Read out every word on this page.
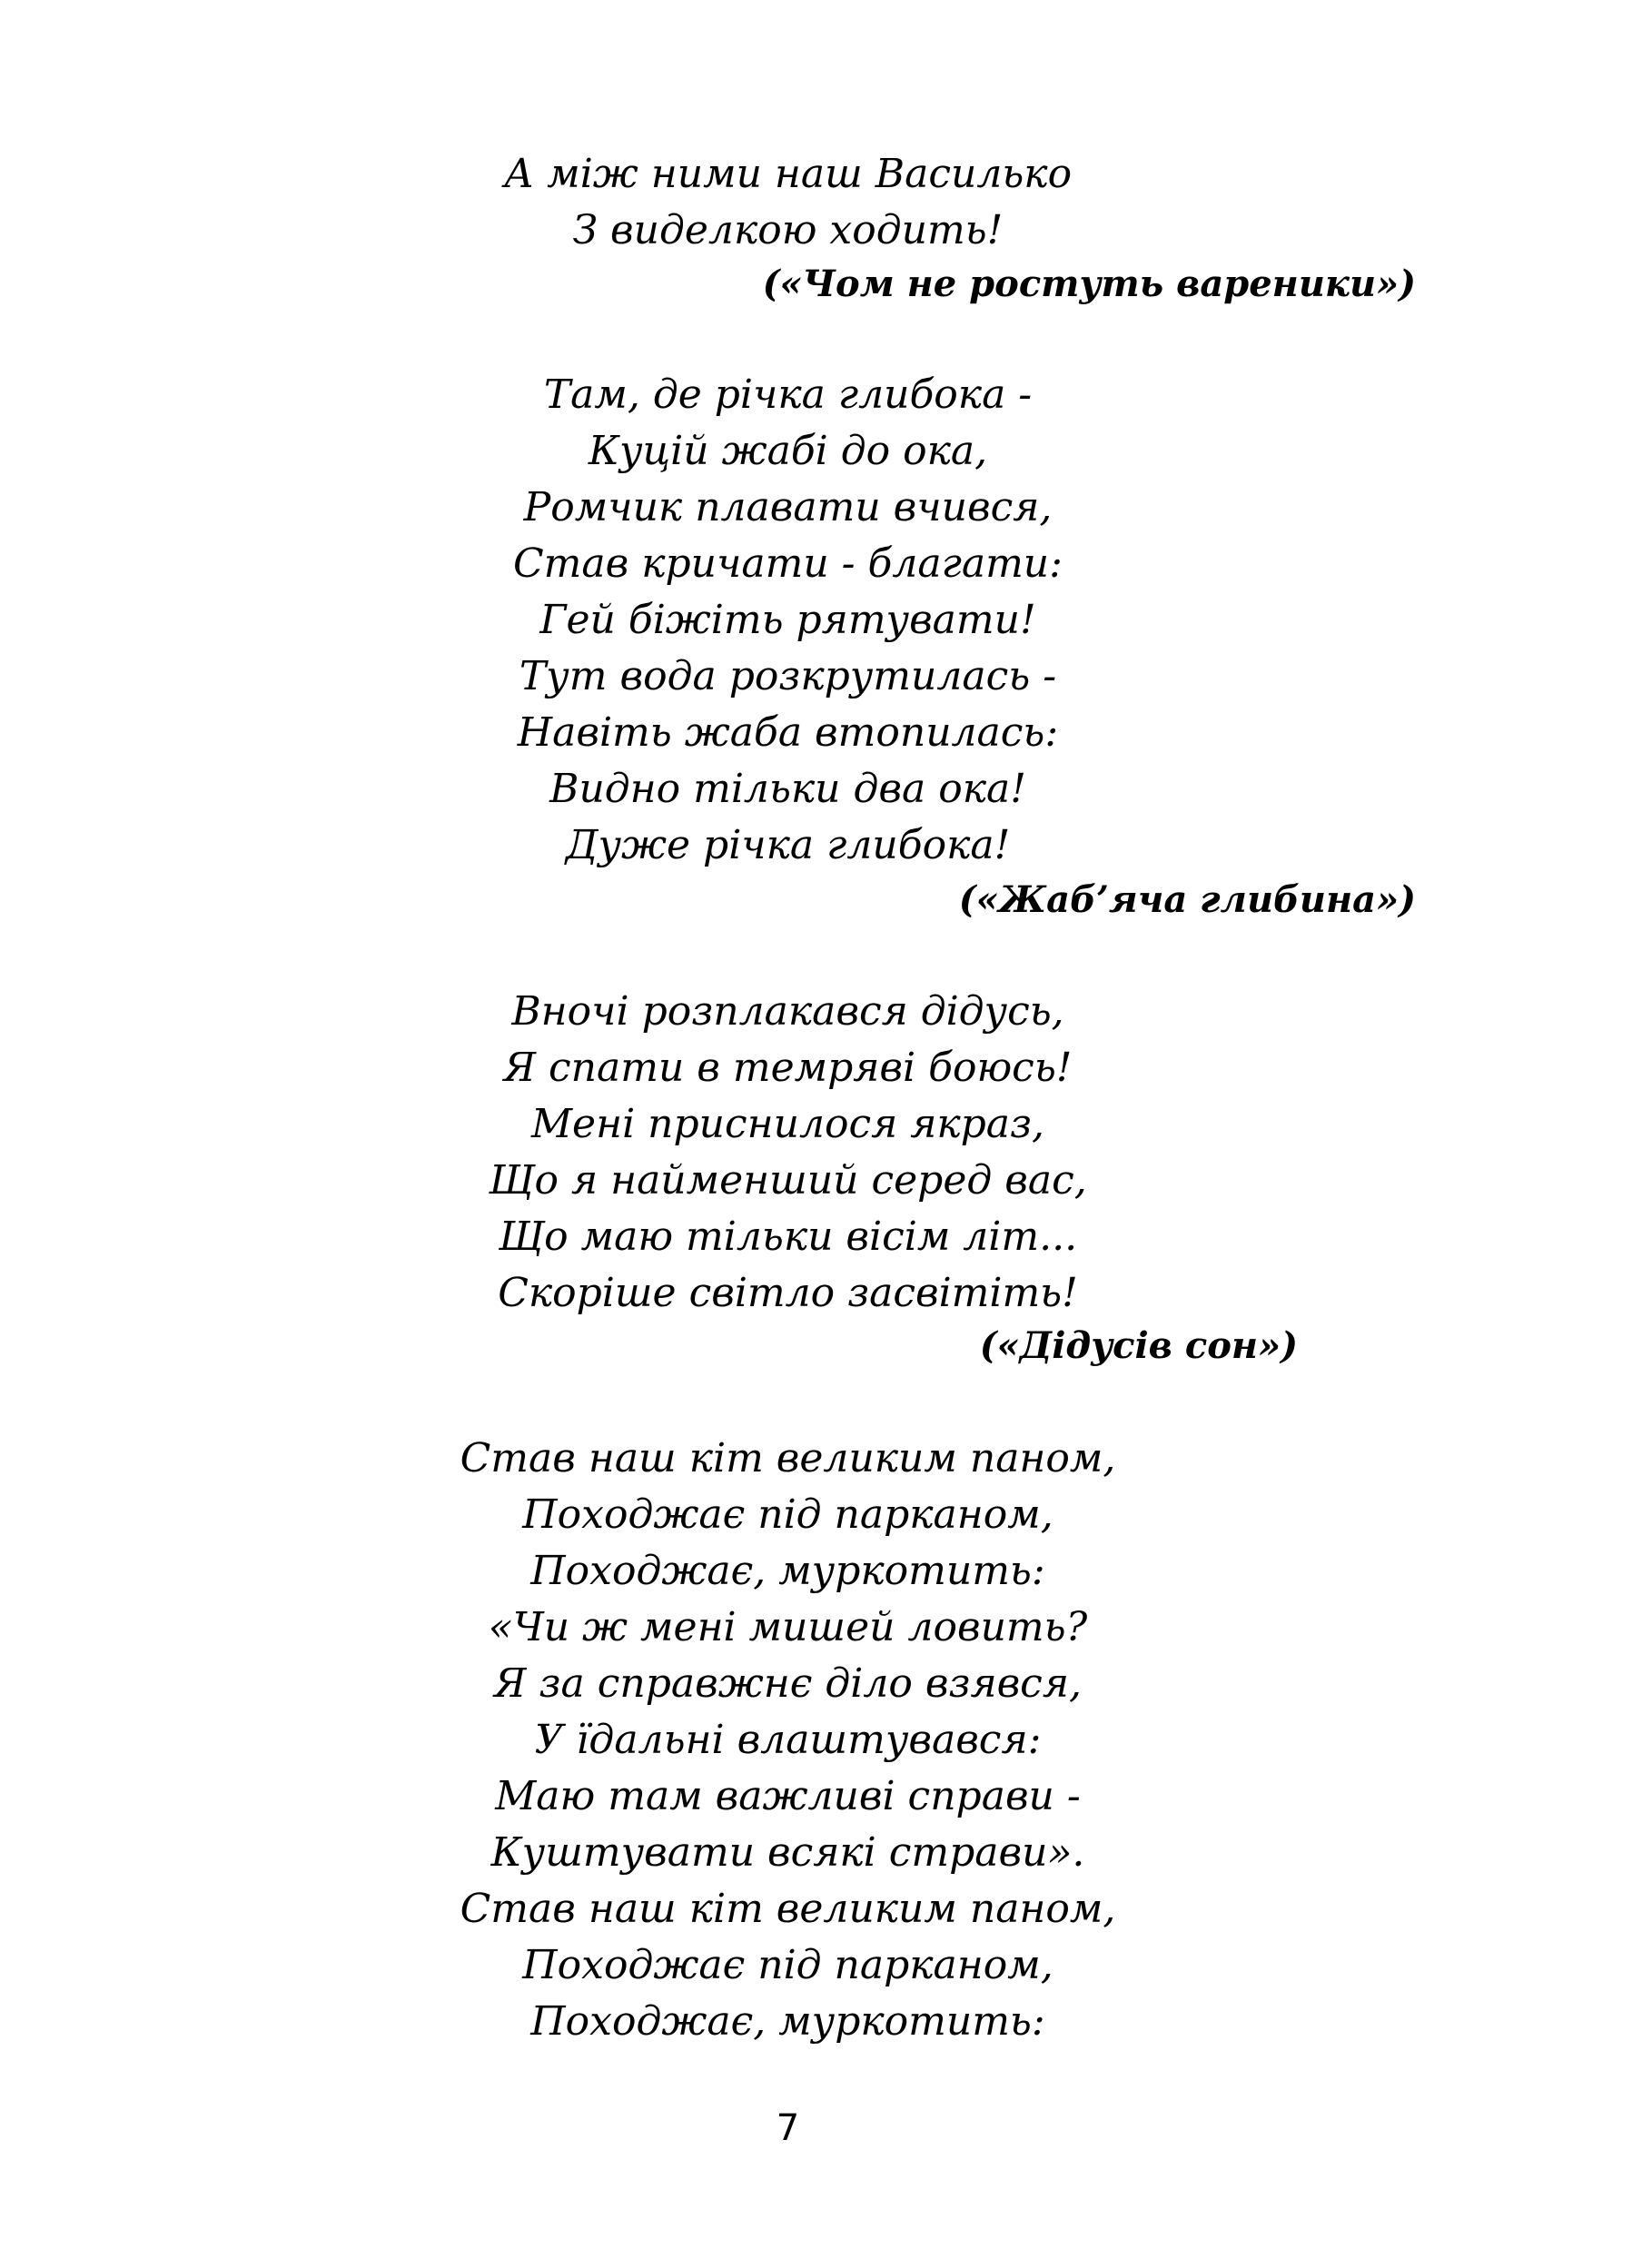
А між ними наш Василько
З виделкою ходить!
(«Чом не ростуть вареники»)
Там, де річка глибока -
Куцій жабі до ока,
Ромчик плавати вчився,
Став кричати - благати:
Гей біжіть рятувати!
Тут вода розкрутилась -
Навіть жаба втопилась:
Видно тільки два ока!
Дуже річка глибока!
(«Жаб’яча глибина»)
Вночі розплакався дідусь,
Я спати в темряві боюсь!
Мені приснилося якраз,
Що я найменший серед вас,
Що маю тільки вісім літ...
Скоріше світло засвітіть!
(«Дідусів сон»)
Став наш кіт великим паном,
Походжає під парканом,
Походжає, муркотить:
«Чи ж мені мишей ловить?
Я за справжнє діло взявся,
У їдальні влаштувався:
Маю там важливі справи -
Куштувати всякі страви».
Став наш кіт великим паном,
Походжає під парканом,
Походжає, муркотить:
7
